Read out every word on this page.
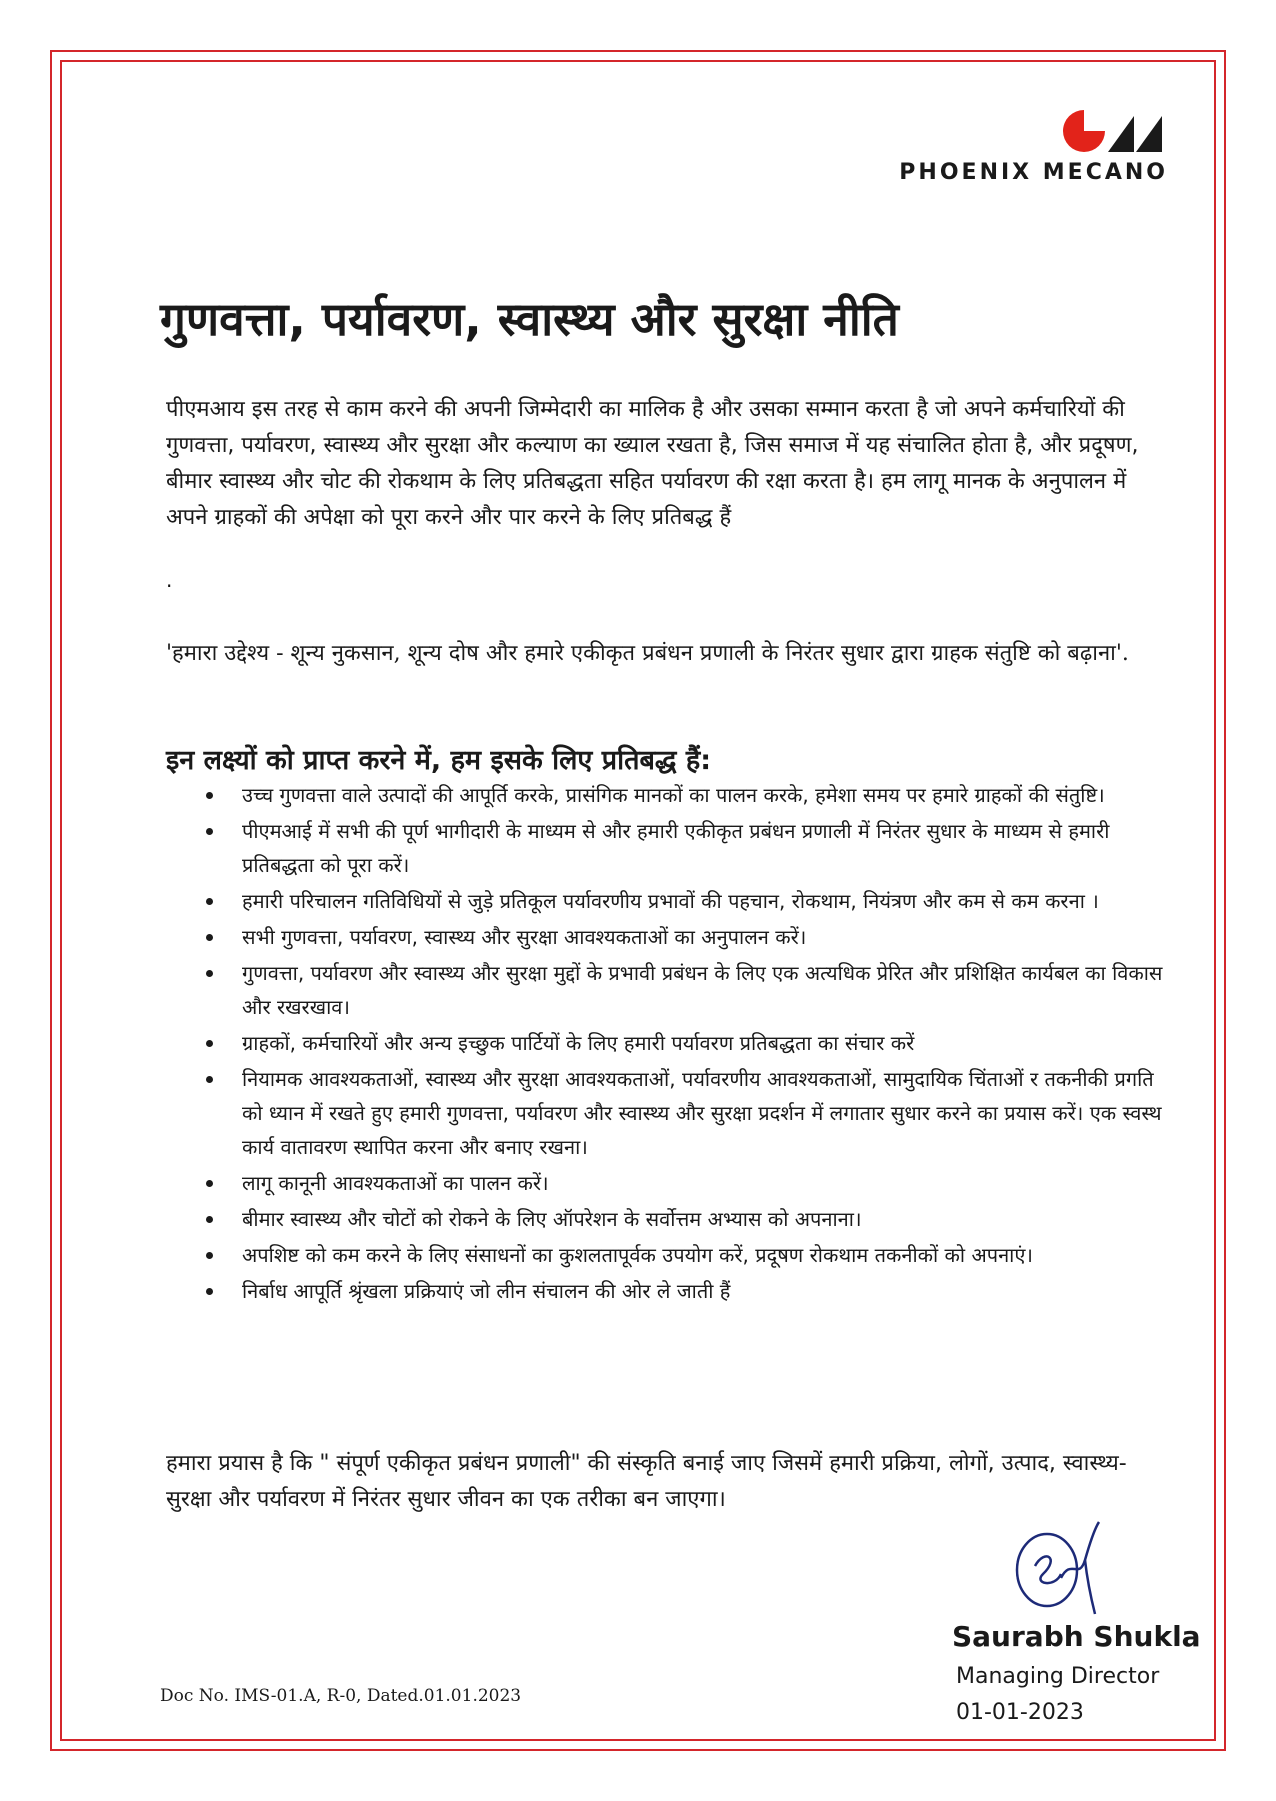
PHOENIX MECANO
गुणवत्ता, पर्यावरण, स्वास्थ्य और सुरक्षा नीति

पीएमआय इस तरह से काम करने की अपनी जिम्मेदारी का मालिक है और उसका सम्मान करता है जो अपने कर्मचारियों की गुणवत्ता, पर्यावरण, स्वास्थ्य और सुरक्षा और कल्याण का ख्याल रखता है, जिस समाज में यह संचालित होता है, और प्रदूषण, बीमार स्वास्थ्य और चोट की रोकथाम के लिए प्रतिबद्धता सहित पर्यावरण की रक्षा करता है। हम लागू मानक के अनुपालन में अपने ग्राहकों की अपेक्षा को पूरा करने और पार करने के लिए प्रतिबद्ध हैं

.

'हमारा उद्देश्य - शून्य नुकसान, शून्य दोष और हमारे एकीकृत प्रबंधन प्रणाली के निरंतर सुधार द्वारा ग्राहक संतुष्टि को बढ़ाना'.

इन लक्ष्यों को प्राप्त करने में, हम इसके लिए प्रतिबद्ध हैं:
उच्च गुणवत्ता वाले उत्पादों की आपूर्ति करके, प्रासंगिक मानकों का पालन करके, हमेशा समय पर हमारे ग्राहकों की संतुष्टि।
पीएमआई में सभी की पूर्ण भागीदारी के माध्यम से और हमारी एकीकृत प्रबंधन प्रणाली में निरंतर सुधार के माध्यम से हमारी प्रतिबद्धता को पूरा करें।
हमारी परिचालन गतिविधियों से जुड़े प्रतिकूल पर्यावरणीय प्रभावों की पहचान, रोकथाम, नियंत्रण और कम से कम करना ।
सभी गुणवत्ता, पर्यावरण, स्वास्थ्य और सुरक्षा आवश्यकताओं का अनुपालन करें।
गुणवत्ता, पर्यावरण और स्वास्थ्य और सुरक्षा मुद्दों के प्रभावी प्रबंधन के लिए एक अत्यधिक प्रेरित और प्रशिक्षित कार्यबल का विकास और रखरखाव।
ग्राहकों, कर्मचारियों और अन्य इच्छुक पार्टियों के लिए हमारी पर्यावरण प्रतिबद्धता का संचार करें
नियामक आवश्यकताओं, स्वास्थ्य और सुरक्षा आवश्यकताओं, पर्यावरणीय आवश्यकताओं, सामुदायिक चिंताओं र तकनीकी प्रगति को ध्यान में रखते हुए हमारी गुणवत्ता, पर्यावरण और स्वास्थ्य और सुरक्षा प्रदर्शन में लगातार सुधार करने का प्रयास करें। एक स्वस्थ कार्य वातावरण स्थापित करना और बनाए रखना।
लागू कानूनी आवश्यकताओं का पालन करें।
बीमार स्वास्थ्य और चोटों को रोकने के लिए ऑपरेशन के सर्वोत्तम अभ्यास को अपनाना।
अपशिष्ट को कम करने के लिए संसाधनों का कुशलतापूर्वक उपयोग करें, प्रदूषण रोकथाम तकनीकों को अपनाएं।
निर्बाध आपूर्ति श्रृंखला प्रक्रियाएं जो लीन संचालन की ओर ले जाती हैं

हमारा प्रयास है कि " संपूर्ण एकीकृत प्रबंधन प्रणाली" की संस्कृति बनाई जाए जिसमें हमारी प्रक्रिया, लोगों, उत्पाद, स्वास्थ्य-सुरक्षा और पर्यावरण में निरंतर सुधार जीवन का एक तरीका बन जाएगा।

Saurabh Shukla
Managing Director
01-01-2023
Doc No. IMS-01.A, R-0, Dated.01.01.2023
